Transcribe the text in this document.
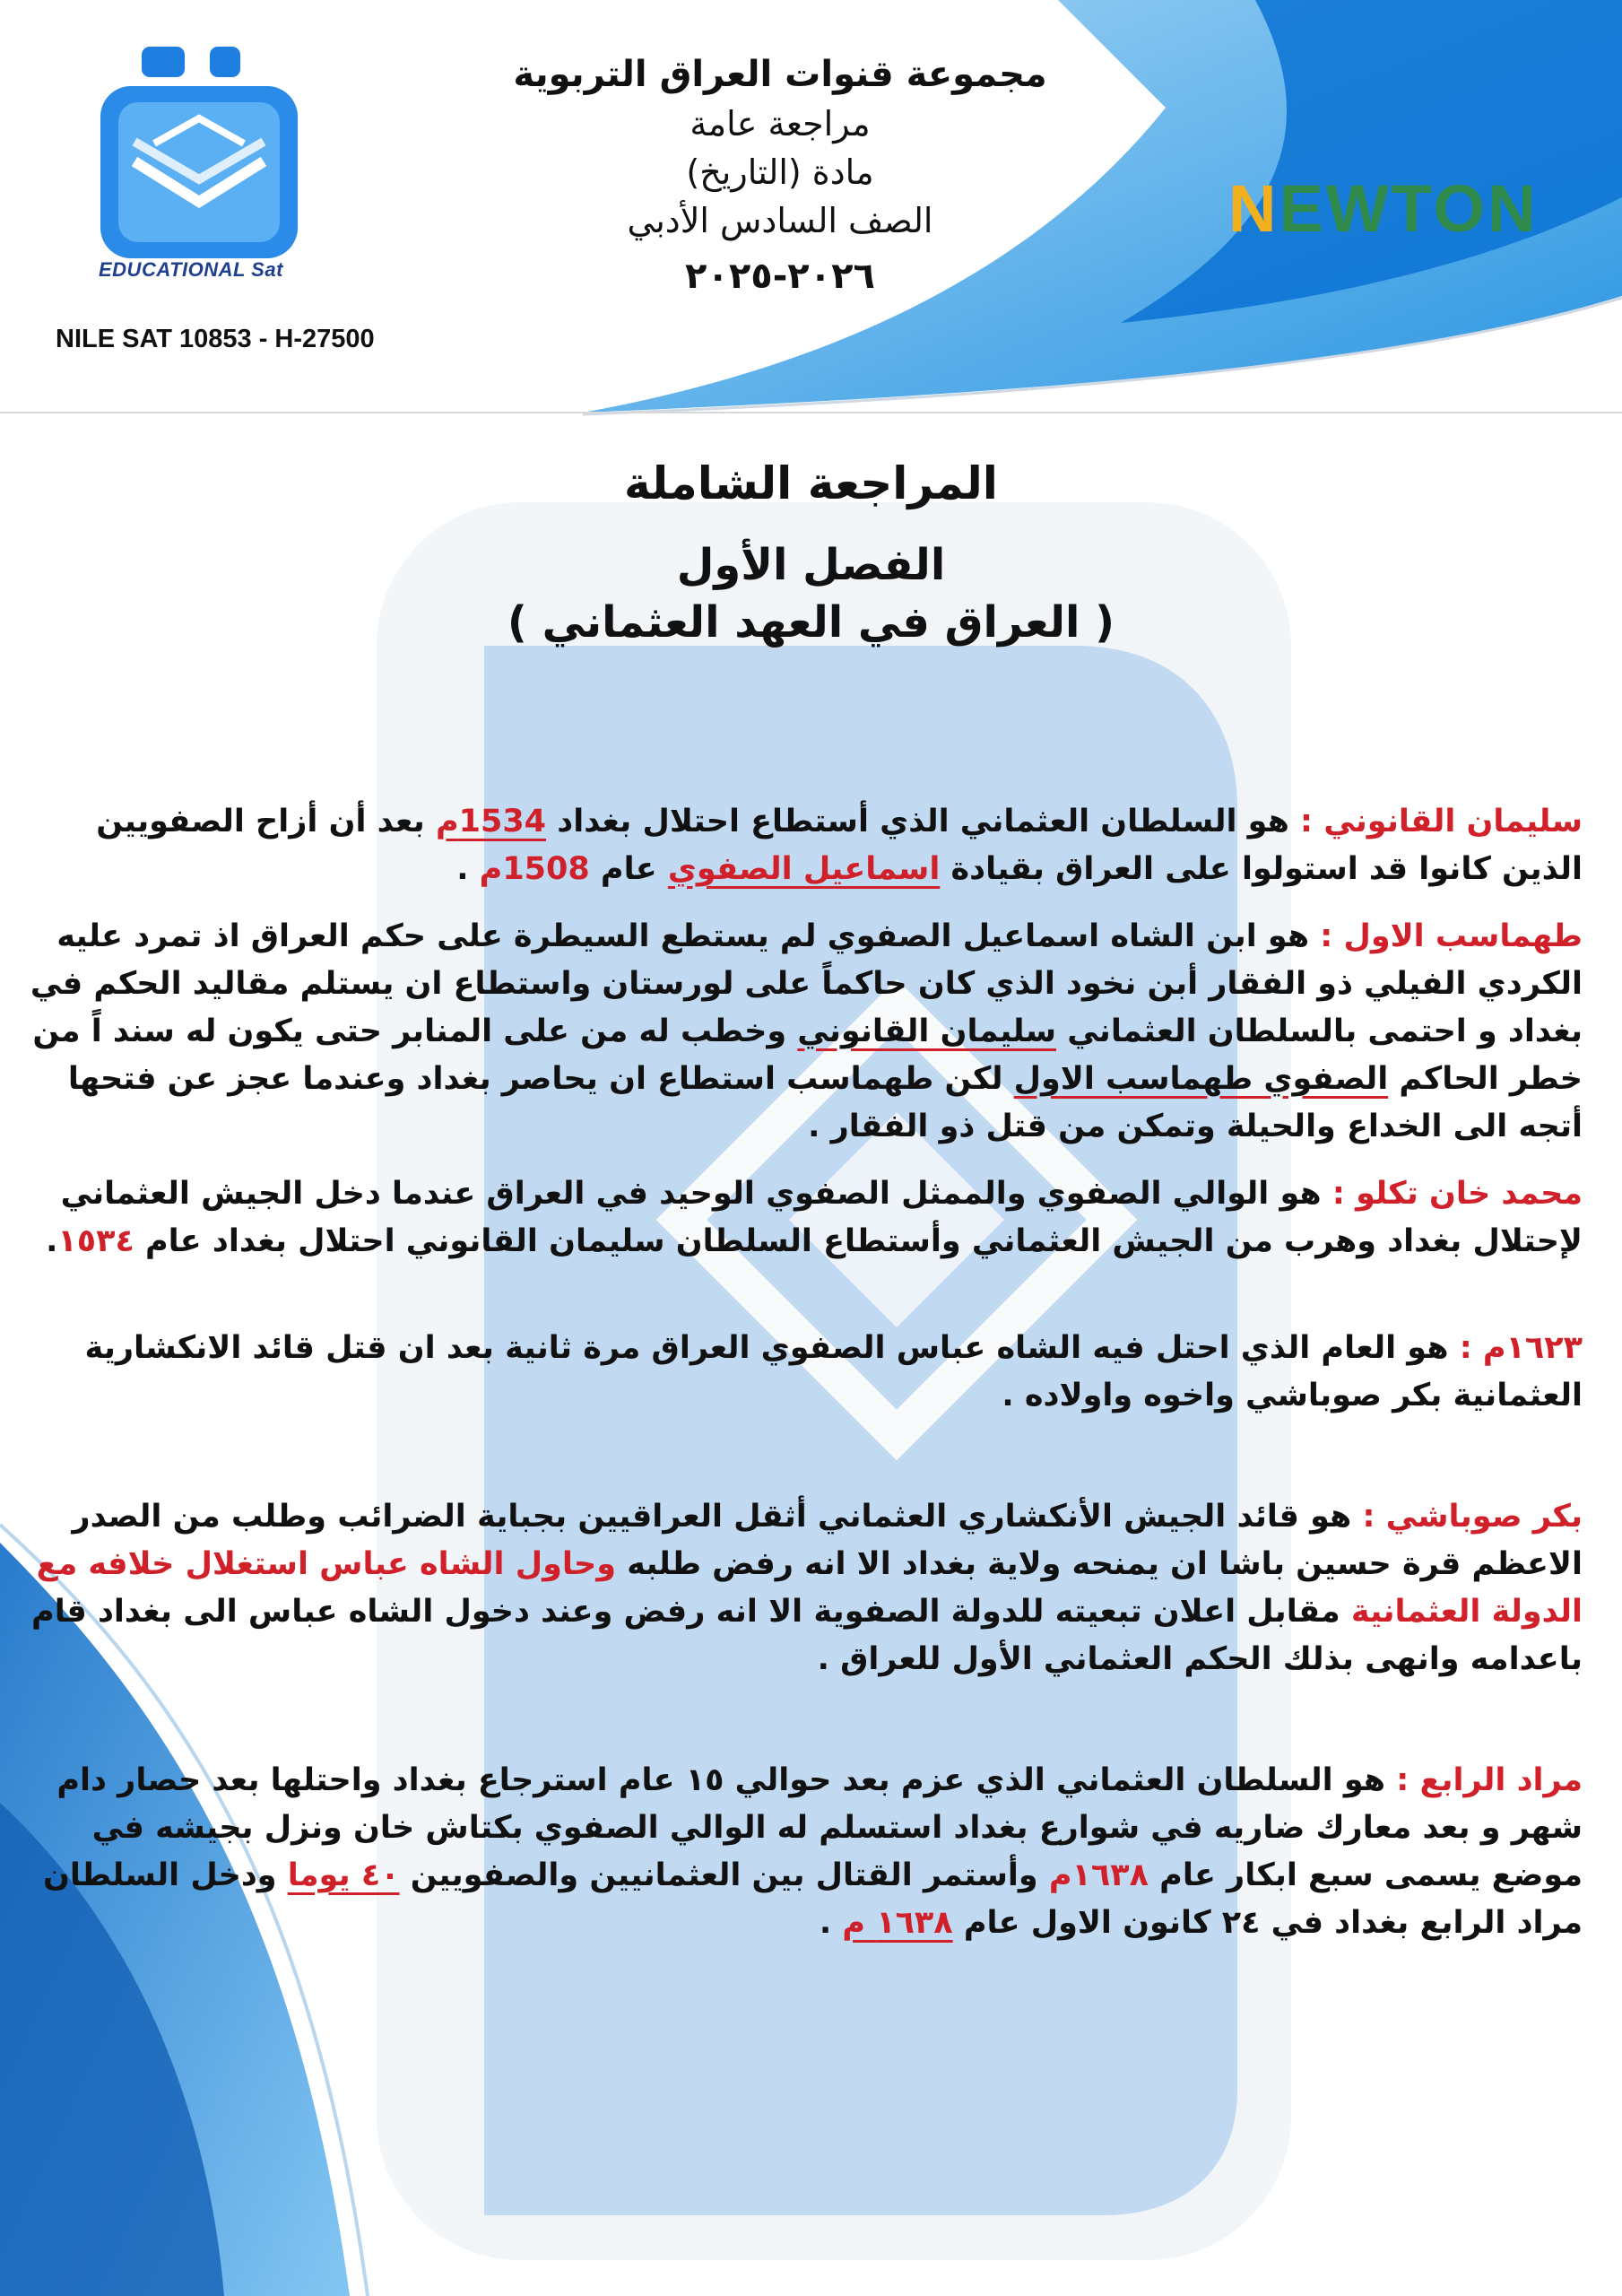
EDUCATIONAL Sat
NILE SAT 10853 - H-27500
مجموعة قنوات العراق التربوية
مراجعة عامة
مادة (التاريخ)
الصف السادس الأدبي
٢٠٢٦-٢٠٢٥
NEWTON
المراجعة الشاملة
الفصل الأول
( العراق في العهد العثماني )

سليمان القانوني : هو السلطان العثماني الذي أستطاع احتلال بغداد 1534م بعد أن أزاح الصفويين الذين كانوا قد استولوا على العراق بقيادة اسماعيل الصفوي عام 1508م .

طهماسب الاول : هو ابن الشاه اسماعيل الصفوي لم يستطع السيطرة على حكم العراق اذ تمرد عليه الكردي الفيلي ذو الفقار أبن نخود الذي كان حاكماً على لورستان واستطاع ان يستلم مقاليد الحكم في بغداد و احتمى بالسلطان العثماني سليمان القانوني وخطب له من على المنابر حتى يكون له سند اً من خطر الحاكم الصفوي طهماسب الاول لكن طهماسب استطاع ان يحاصر بغداد وعندما عجز عن فتحها أتجه الى الخداع والحيلة وتمكن من قتل ذو الفقار .

محمد خان تكلو : هو الوالي الصفوي والممثل الصفوي الوحيد في العراق عندما دخل الجيش العثماني لإحتلال بغداد وهرب من الجيش العثماني وأستطاع السلطان سليمان القانوني احتلال بغداد عام ١٥٣٤.

١٦٢٣م : هو العام الذي احتل فيه الشاه عباس الصفوي العراق مرة ثانية بعد ان قتل قائد الانكشارية العثمانية بكر صوباشي واخوه واولاده .

بكر صوباشي : هو قائد الجيش الأنكشاري العثماني أثقل العراقيين بجباية الضرائب وطلب من الصدر الاعظم قرة حسين باشا ان يمنحه ولاية بغداد الا انه رفض طلبه وحاول الشاه عباس استغلال خلافه مع الدولة العثمانية مقابل اعلان تبعيته للدولة الصفوية الا انه رفض وعند دخول الشاه عباس الى بغداد قام باعدامه وانهى بذلك الحكم العثماني الأول للعراق .

مراد الرابع : هو السلطان العثماني الذي عزم بعد حوالي ١٥ عام استرجاع بغداد واحتلها بعد حصار دام شهر و بعد معارك ضاريه في شوارع بغداد استسلم له الوالي الصفوي بكتاش خان ونزل بجيشه في موضع يسمى سبع ابكار عام ١٦٣٨م وأستمر القتال بين العثمانيين والصفويين ٤٠ يوما ودخل السلطان مراد الرابع بغداد في ٢٤ كانون الاول عام ١٦٣٨ م .
